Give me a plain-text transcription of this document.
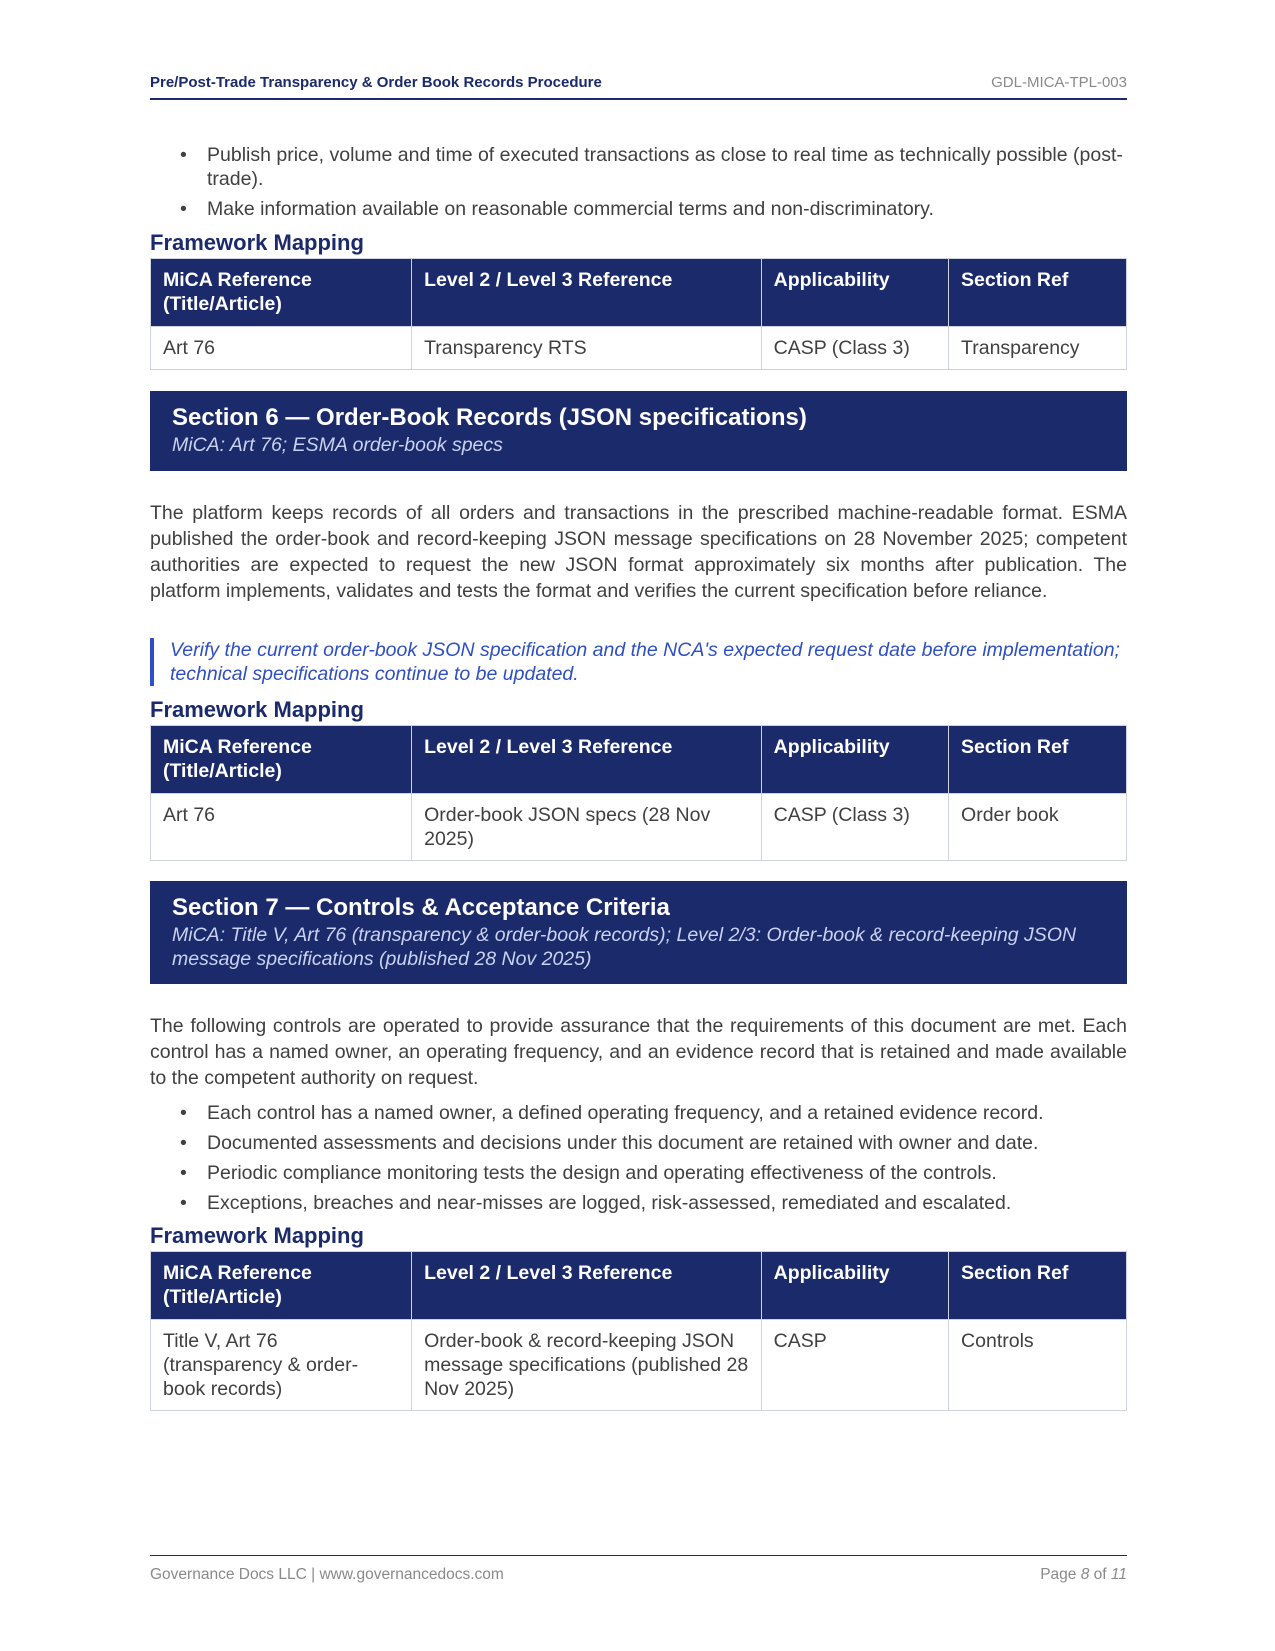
Pre/Post-Trade Transparency & Order Book Records Procedure	GDL-MICA-TPL-003
• Publish price, volume and time of executed transactions as close to real time as technically possible (post-trade).
• Make information available on reasonable commercial terms and non-discriminatory.
Framework Mapping
MiCA Reference (Title/Article)	Level 2 / Level 3 Reference	Applicability	Section Ref
Art 76	Transparency RTS	CASP (Class 3)	Transparency
Section 6 — Order-Book Records (JSON specifications)
MiCA: Art 76; ESMA order-book specs

The platform keeps records of all orders and transactions in the prescribed machine-readable format. ESMA published the order-book and record-keeping JSON message specifications on 28 November 2025; competent authorities are expected to request the new JSON format approximately six months after publication. The platform implements, validates and tests the format and verifies the current specification before reliance.

Verify the current order-book JSON specification and the NCA's expected request date before implementation; technical specifications continue to be updated.
Framework Mapping
MiCA Reference (Title/Article)	Level 2 / Level 3 Reference	Applicability	Section Ref
Art 76	Order-book JSON specs (28 Nov 2025)	CASP (Class 3)	Order book
Section 7 — Controls & Acceptance Criteria
MiCA: Title V, Art 76 (transparency & order-book records); Level 2/3: Order-book & record-keeping JSON message specifications (published 28 Nov 2025)

The following controls are operated to provide assurance that the requirements of this document are met. Each control has a named owner, an operating frequency, and an evidence record that is retained and made available to the competent authority on request.

• Each control has a named owner, a defined operating frequency, and a retained evidence record.
• Documented assessments and decisions under this document are retained with owner and date.
• Periodic compliance monitoring tests the design and operating effectiveness of the controls.
• Exceptions, breaches and near-misses are logged, risk-assessed, remediated and escalated.
Framework Mapping
MiCA Reference (Title/Article)	Level 2 / Level 3 Reference	Applicability	Section Ref
Title V, Art 76 (transparency & order-book records)	Order-book & record-keeping JSON message specifications (published 28 Nov 2025)	CASP	Controls
Governance Docs LLC | www.governancedocs.com	Page 8 of 11
